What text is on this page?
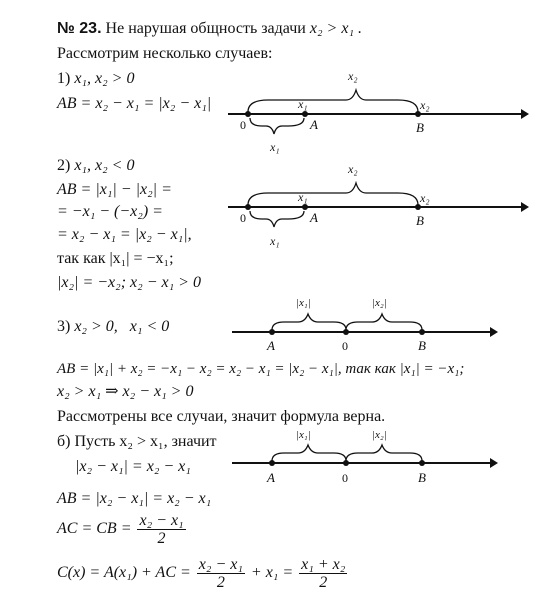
№ 23. Не нарушая общность задачи x₂ > x₁ .
Рассмотрим несколько случаев:
1) x₁, x₂ > 0
AB = x₂ − x₁ = |x₂ − x₁|
x₂
x₁	x₂
0	A	B
x₁
2) x₁, x₂ < 0
AB = |x₁| − |x₂| =
= −x₁ − (−x₂) =
= x₂ − x₁ = |x₂ − x₁|,
так как |x₁| = −x₁;
|x₂| = −x₂; x₂ − x₁ > 0
x₂
x₁	x₂
0	A	B
x₁
3) x₂ > 0,   x₁ < 0
|x₁|	|x₂|
A	0	B
AB = |x₁| + x₂ = −x₁ − x₂ = x₂ − x₁ = |x₂ − x₁|, так как |x₁| = −x₁;
x₂ > x₁ ⇒ x₂ − x₁ > 0
Рассмотрены все случаи, значит формула верна.
б) Пусть x₂ > x₁, значит
|x₂ − x₁| = x₂ − x₁
|x₁|	|x₂|
A	0	B
AB = |x₂ − x₁| = x₂ − x₁
AC = CB = $\frac{\text{x₂ − x₁}}{2}$
C(x) = A(x₁) + AC = $\frac{\text{x₂ − x₁}}{2} + x_1 = \frac{\text{x₁ + x₂}}{2}$
